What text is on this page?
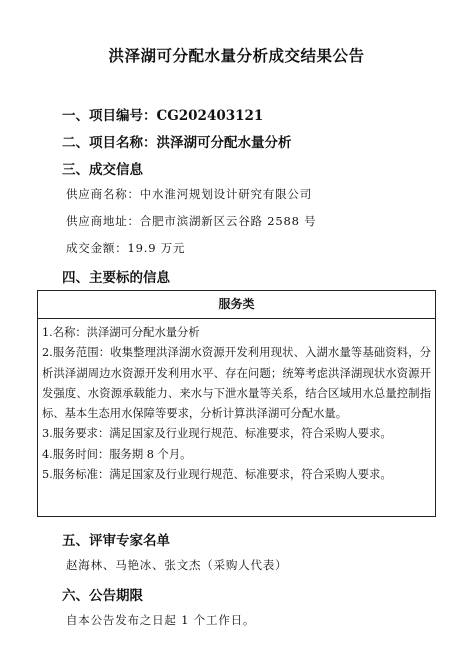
洪泽湖可分配水量分析成交结果公告
一、项目编号：CG202403121
二、项目名称：洪泽湖可分配水量分析
三、成交信息
供应商名称：中水淮河规划设计研究有限公司
供应商地址：合肥市滨湖新区云谷路 2588 号
成交金额：19.9 万元
四、主要标的信息
服务类

1.名称：洪泽湖可分配水量分析

2.服务范围：收集整理洪泽湖水资源开发利用现状、入湖水量等基础资料，分析洪泽湖周边水资源开发利用水平、存在问题；统筹考虑洪泽湖现状水资源开发强度、水资源承载能力、来水与下泄水量等关系，结合区域用水总量控制指标、基本生态用水保障等要求，分析计算洪泽湖可分配水量。

3.服务要求：满足国家及行业现行规范、标准要求，符合采购人要求。

4.服务时间：服务期 8 个月。

5.服务标准：满足国家及行业现行规范、标准要求，符合采购人要求。

五、评审专家名单
赵海林、马艳冰、张文杰（采购人代表）
六、公告期限
自本公告发布之日起 1 个工作日。
